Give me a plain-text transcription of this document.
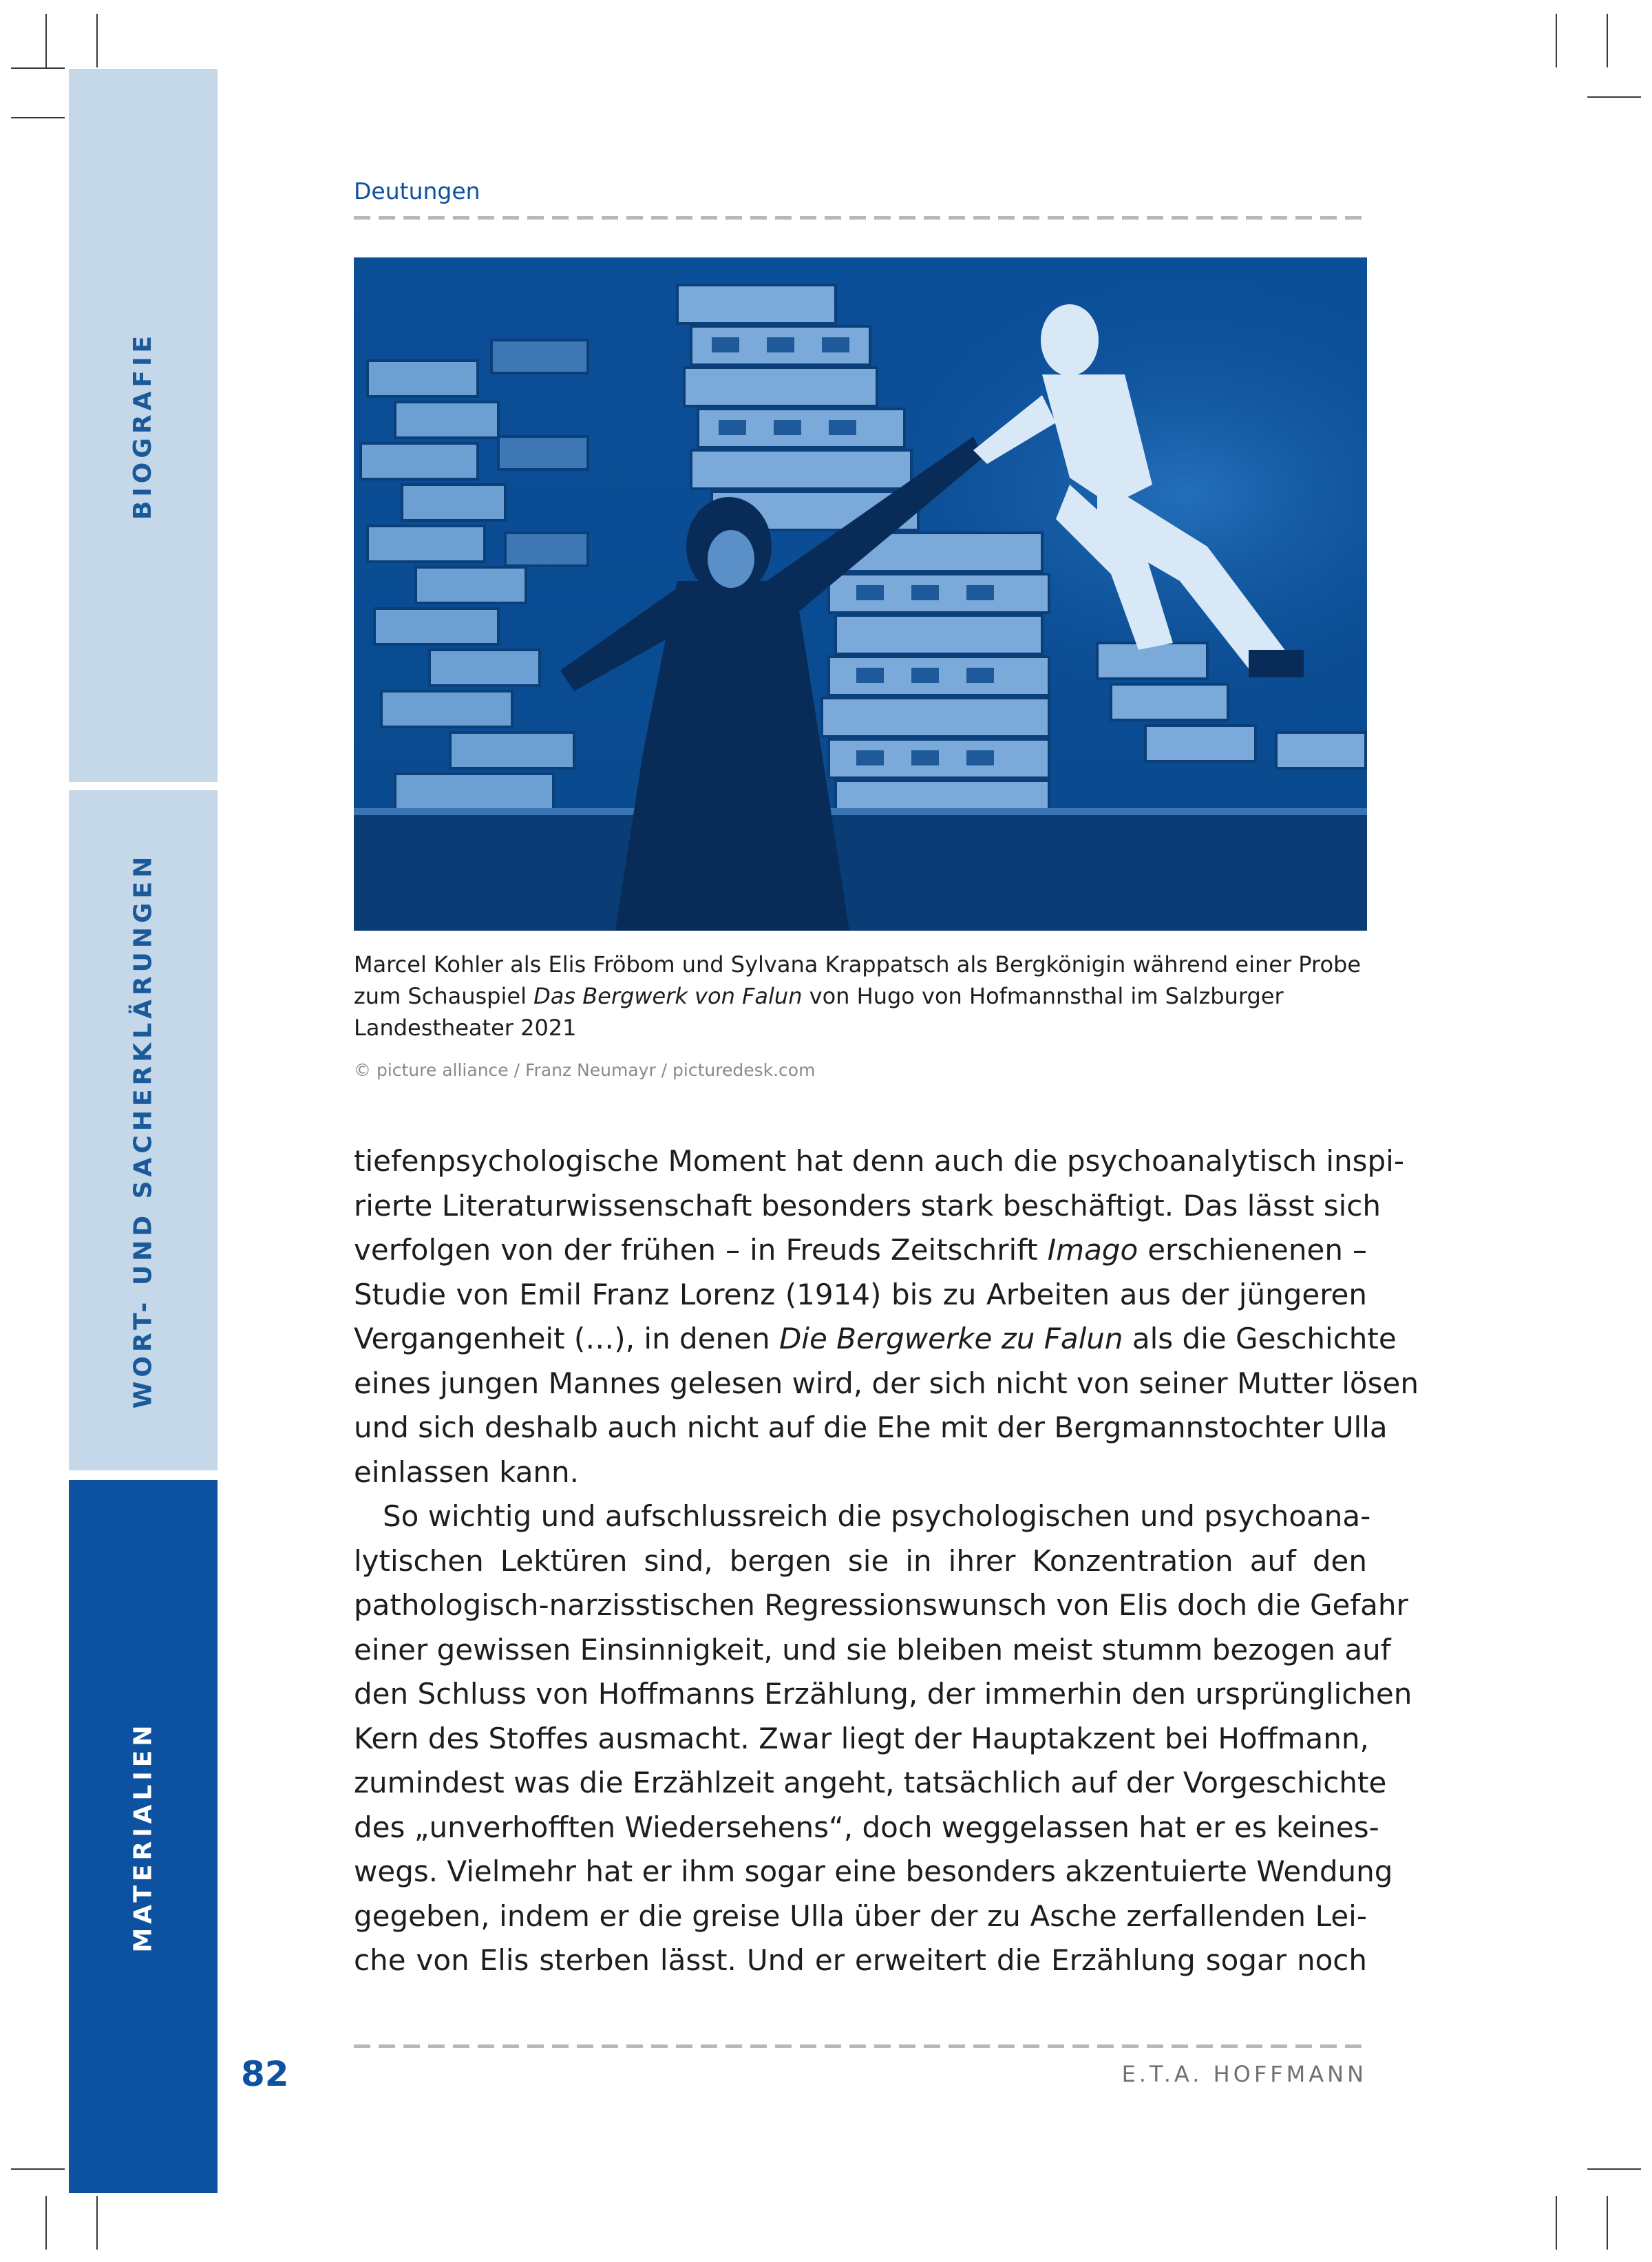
BIOGRAFIE
WORT- UND SACHERKLÄRUNGEN
MATERIALIEN
Deutungen
Marcel Kohler als Elis Fröbom und Sylvana Krappatsch als Bergkönigin während einer Probe zum Schauspiel Das Bergwerk von Falun von Hugo von Hofmannsthal im Salzburger Landestheater 2021
© picture alliance / Franz Neumayr / picturedesk.com
tiefenpsychologische Moment hat denn auch die psychoanalytisch inspi-
rierte Literaturwissenschaft besonders stark beschäftigt. Das lässt sich
verfolgen von der frühen – in Freuds Zeitschrift Imago erschienenen –
Studie von Emil Franz Lorenz (1914) bis zu Arbeiten aus der jüngeren
Vergangenheit (…), in denen Die Bergwerke zu Falun als die Geschichte
eines jungen Mannes gelesen wird, der sich nicht von seiner Mutter lösen
und sich deshalb auch nicht auf die Ehe mit der Bergmannstochter Ulla
einlassen kann.
So wichtig und aufschlussreich die psychologischen und psychoana-
lytischen Lektüren sind, bergen sie in ihrer Konzentration auf den
pathologisch-narzisstischen Regressionswunsch von Elis doch die Gefahr
einer gewissen Einsinnigkeit, und sie bleiben meist stumm bezogen auf
den Schluss von Hoffmanns Erzählung, der immerhin den ursprünglichen
Kern des Stoffes ausmacht. Zwar liegt der Hauptakzent bei Hoffmann,
zumindest was die Erzählzeit angeht, tatsächlich auf der Vorgeschichte
des „unverhofften Wiedersehens“, doch weggelassen hat er es keines-
wegs. Vielmehr hat er ihm sogar eine besonders akzentuierte Wendung
gegeben, indem er die greise Ulla über der zu Asche zerfallenden Lei-
che von Elis sterben lässt. Und er erweitert die Erzählung sogar noch
82	E.T.A. HOFFMANN
